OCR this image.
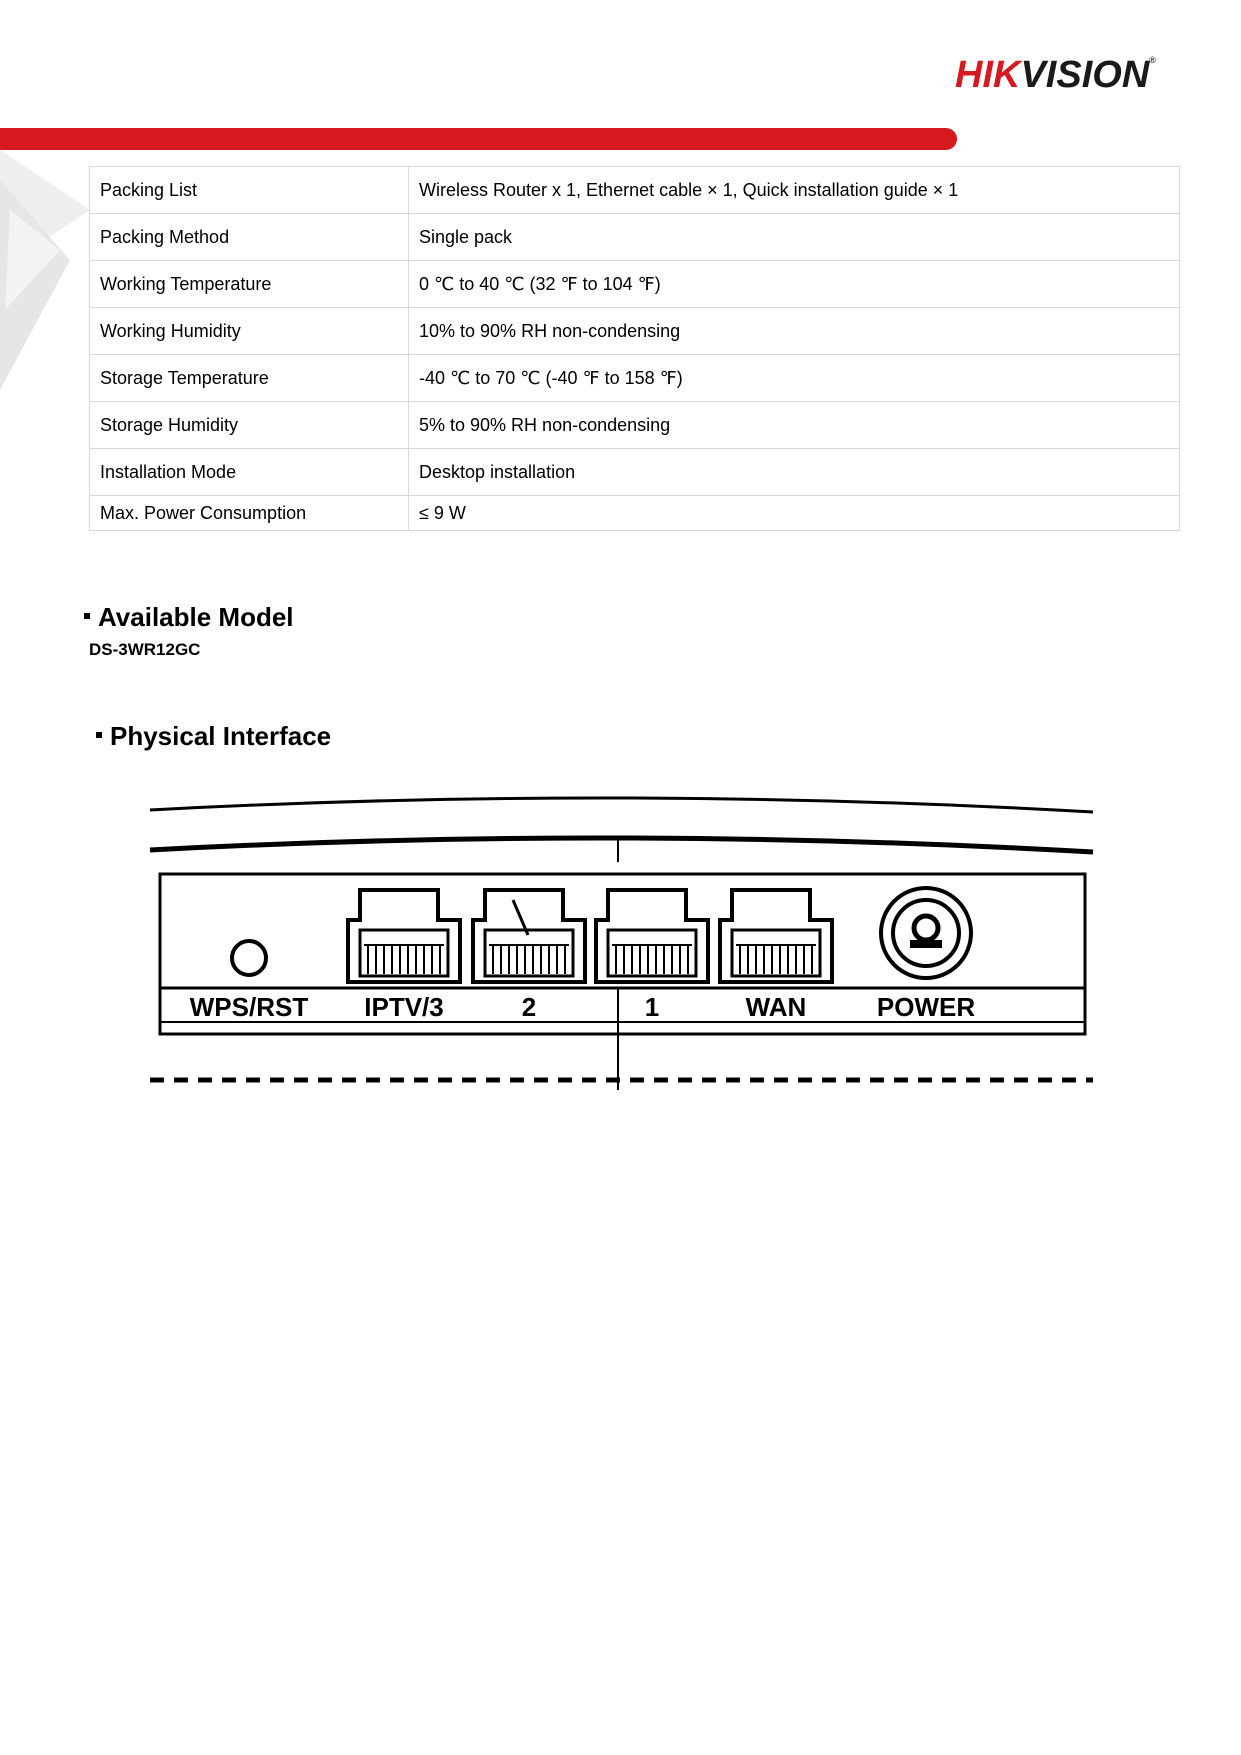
HIKVISION®
Packing List	Wireless Router x 1, Ethernet cable × 1, Quick installation guide × 1
Packing Method	Single pack
Working Temperature	0 ℃ to 40 ℃ (32 ℉ to 104 ℉)
Working Humidity	10% to 90% RH non-condensing
Storage Temperature	-40 ℃ to 70 ℃ (-40 ℉ to 158 ℉)
Storage Humidity	5% to 90% RH non-condensing
Installation Mode	Desktop installation
Max. Power Consumption	≤ 9 W
Available Model
DS-3WR12GC
Physical Interface
WPS/RST IPTV/3	2	1	WAN	POWER
